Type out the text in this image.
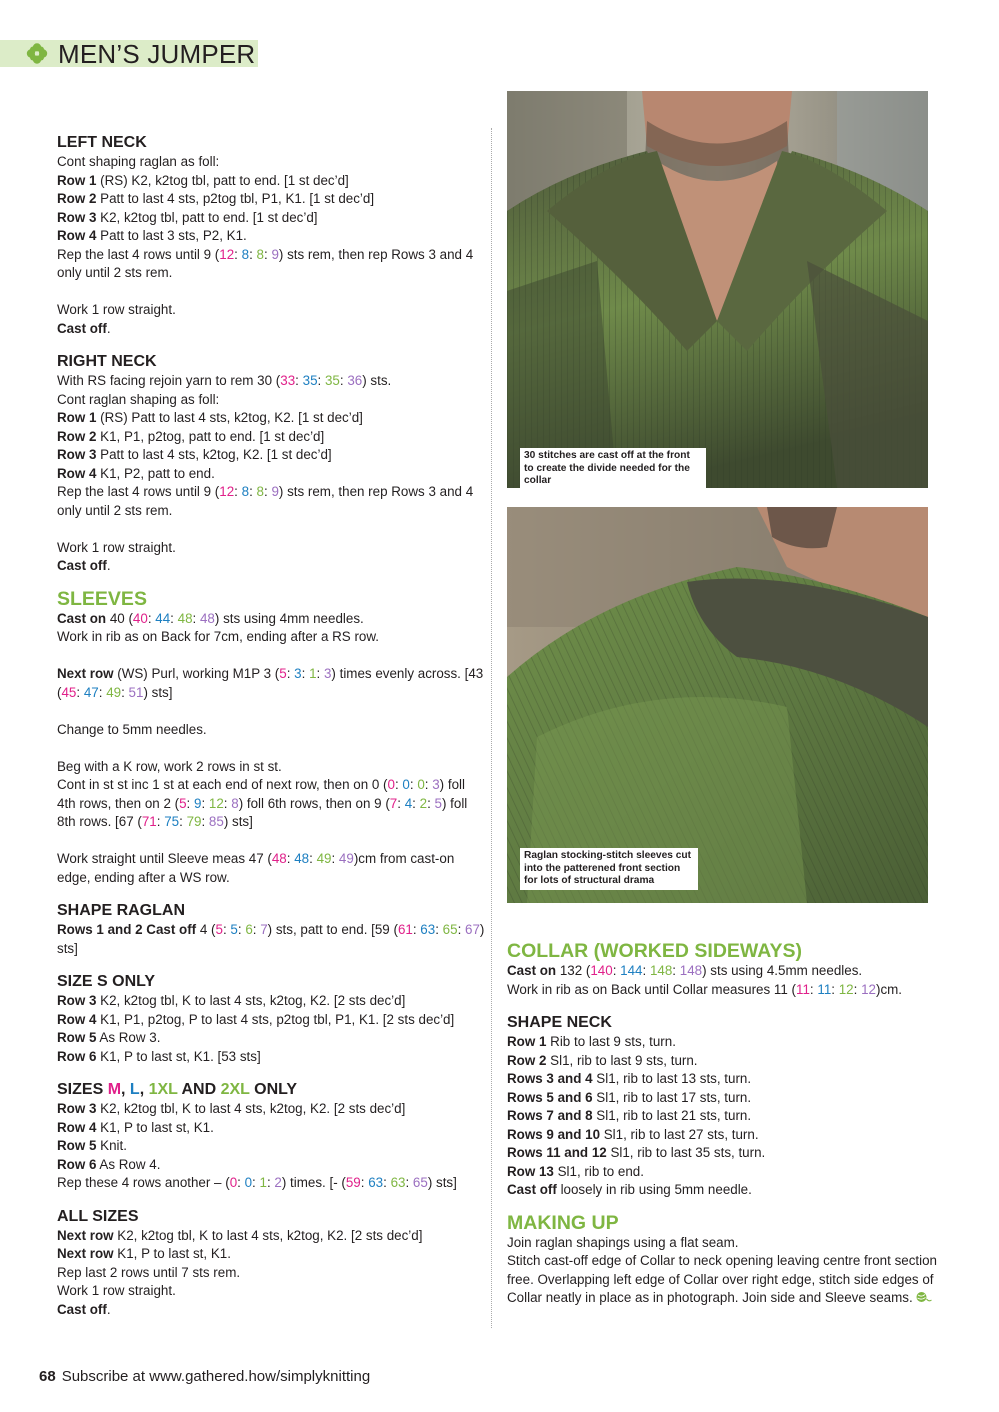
MEN’S JUMPER
LEFT NECK
Cont shaping raglan as foll:
Row 1 (RS) K2, k2tog tbl, patt to end. [1 st dec’d]
Row 2 Patt to last 4 sts, p2tog tbl, P1, K1. [1 st dec’d]
Row 3 K2, k2tog tbl, patt to end. [1 st dec’d]
Row 4 Patt to last 3 sts, P2, K1.
Rep the last 4 rows until 9 (12: 8: 8: 9) sts rem, then rep Rows 3 and 4 only until 2 sts rem.
Work 1 row straight.
Cast off.
RIGHT NECK
With RS facing rejoin yarn to rem 30 (33: 35: 35: 36) sts.
Cont raglan shaping as foll:
Row 1 (RS) Patt to last 4 sts, k2tog, K2. [1 st dec’d]
Row 2 K1, P1, p2tog, patt to end. [1 st dec’d]
Row 3 Patt to last 4 sts, k2tog, K2. [1 st dec’d]
Row 4 K1, P2, patt to end.
Rep the last 4 rows until 9 (12: 8: 8: 9) sts rem, then rep Rows 3 and 4 only until 2 sts rem.
Work 1 row straight.
Cast off.
SLEEVES
Cast on 40 (40: 44: 48: 48) sts using 4mm needles.
Work in rib as on Back for 7cm, ending after a RS row.
Next row (WS) Purl, working M1P 3 (5: 3: 1: 3) times evenly across. [43 (45: 47: 49: 51) sts]
Change to 5mm needles.
Beg with a K row, work 2 rows in st st.
Cont in st st inc 1 st at each end of next row, then on 0 (0: 0: 0: 3) foll 4th rows, then on 2 (5: 9: 12: 8) foll 6th rows, then on 9 (7: 4: 2: 5) foll 8th rows. [67 (71: 75: 79: 85) sts]
Work straight until Sleeve meas 47 (48: 48: 49: 49)cm from cast-on edge, ending after a WS row.
SHAPE RAGLAN
Rows 1 and 2 Cast off 4 (5: 5: 6: 7) sts, patt to end. [59 (61: 63: 65: 67) sts]
SIZE S ONLY
Row 3 K2, k2tog tbl, K to last 4 sts, k2tog, K2. [2 sts dec’d]
Row 4 K1, P1, p2tog, P to last 4 sts, p2tog tbl, P1, K1. [2 sts dec’d]
Row 5 As Row 3.
Row 6 K1, P to last st, K1. [53 sts]
SIZES M, L, 1XL AND 2XL ONLY
Row 3 K2, k2tog tbl, K to last 4 sts, k2tog, K2. [2 sts dec’d]
Row 4 K1, P to last st, K1.
Row 5 Knit.
Row 6 As Row 4.
Rep these 4 rows another – (0: 0: 1: 2) times. [- (59: 63: 63: 65) sts]
ALL SIZES
Next row K2, k2tog tbl, K to last 4 sts, k2tog, K2. [2 sts dec’d]
Next row K1, P to last st, K1.
Rep last 2 rows until 7 sts rem.
Work 1 row straight.
Cast off.
30 stitches are cast off at the front to create the divide needed for the collar
Raglan stocking-stitch sleeves cut into the patterened front section for lots of structural drama
COLLAR (WORKED SIDEWAYS)
Cast on 132 (140: 144: 148: 148) sts using 4.5mm needles.
Work in rib as on Back until Collar measures 11 (11: 11: 12: 12)cm.
SHAPE NECK
Row 1 Rib to last 9 sts, turn.
Row 2 Sl1, rib to last 9 sts, turn.
Rows 3 and 4 Sl1, rib to last 13 sts, turn.
Rows 5 and 6 Sl1, rib to last 17 sts, turn.
Rows 7 and 8 Sl1, rib to last 21 sts, turn.
Rows 9 and 10 Sl1, rib to last 27 sts, turn.
Rows 11 and 12 Sl1, rib to last 35 sts, turn.
Row 13 Sl1, rib to end.
Cast off loosely in rib using 5mm needle.
MAKING UP
Join raglan shapings using a flat seam.
Stitch cast-off edge of Collar to neck opening leaving centre front section free. Overlapping left edge of Collar over right edge, stitch side edges of Collar neatly in place as in photograph. Join side and Sleeve seams.
68 Subscribe at www.gathered.how/simplyknitting
